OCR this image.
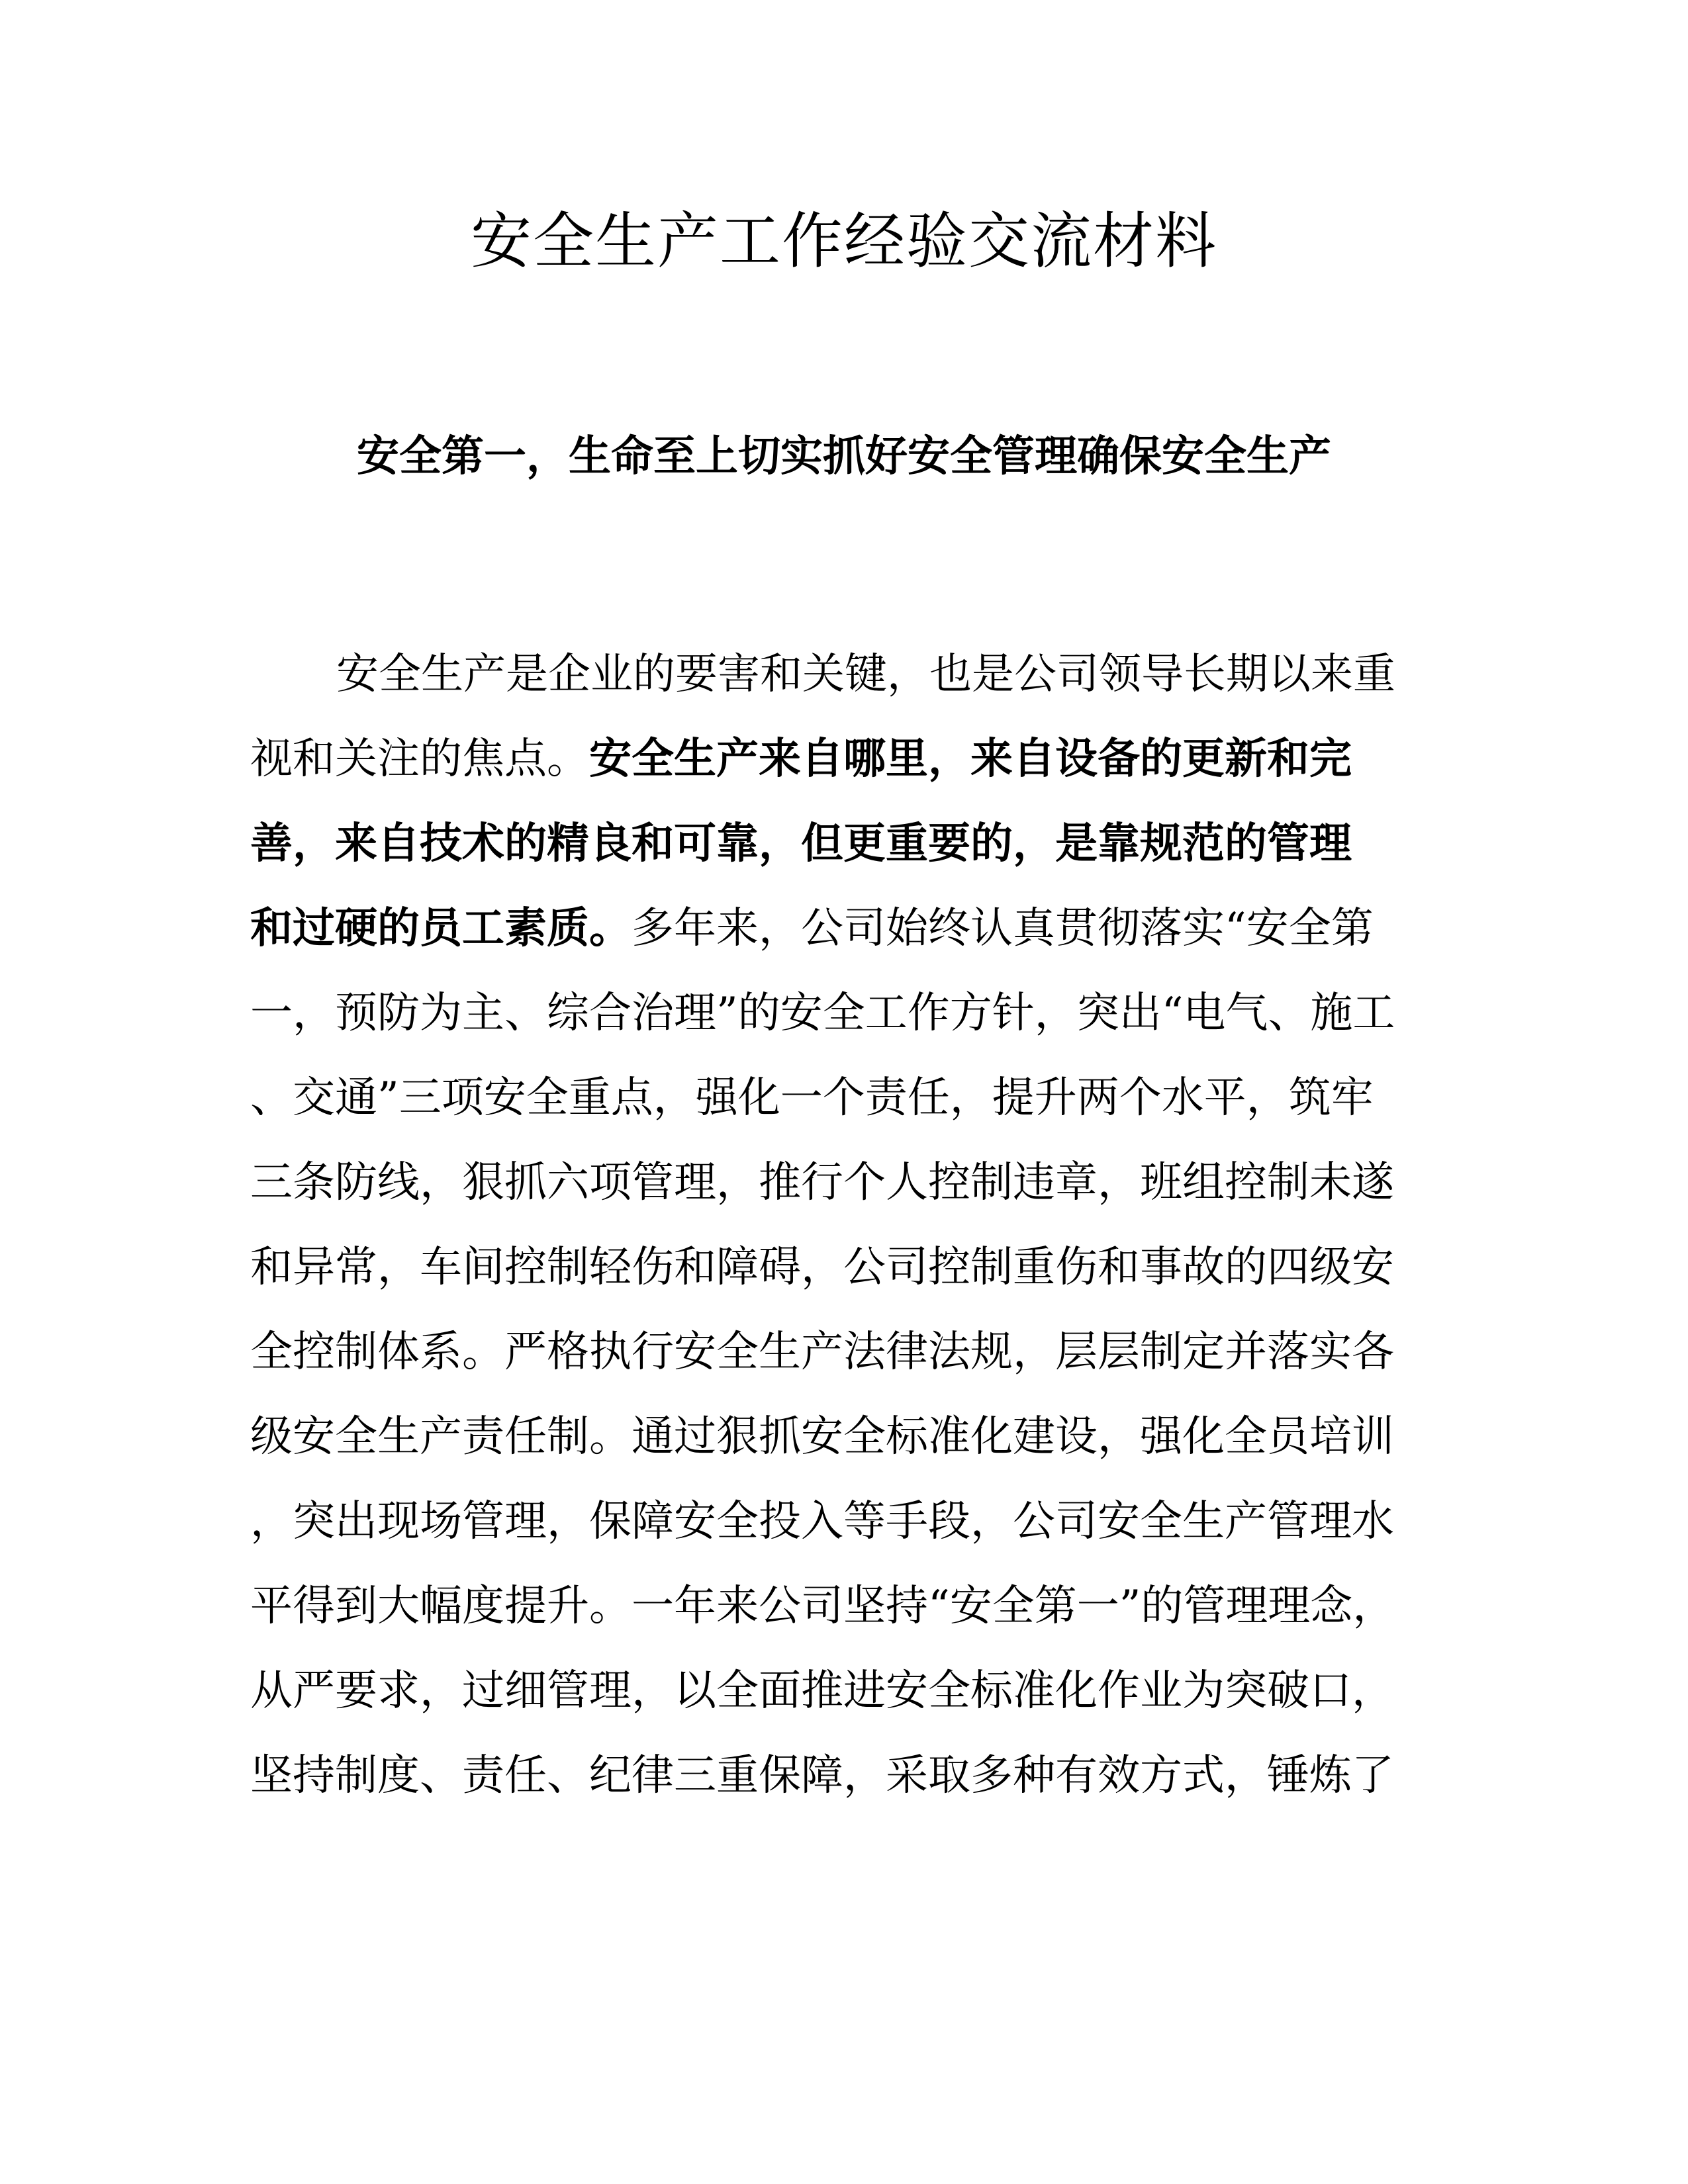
安全生产工作经验交流材料
安全第一，生命至上切实抓好安全管理确保安全生产
安全生产是企业的要害和关键，也是公司领导长期以来重
视和关注的焦点。安全生产来自哪里，来自设备的更新和完
善，来自技术的精良和可靠，但更重要的，是靠规范的管理
和过硬的员工素质。多年来，公司始终认真贯彻落实“安全第
一，预防为主、综合治理”的安全工作方针，突出“电气、施工
、交通”三项安全重点，强化一个责任，提升两个水平，筑牢
三条防线，狠抓六项管理，推行个人控制违章，班组控制未遂
和异常，车间控制轻伤和障碍，公司控制重伤和事故的四级安
全控制体系。严格执行安全生产法律法规，层层制定并落实各
级安全生产责任制。通过狠抓安全标准化建设，强化全员培训
，突出现场管理，保障安全投入等手段，公司安全生产管理水
平得到大幅度提升。一年来公司坚持“安全第一”的管理理念，
从严要求，过细管理，以全面推进安全标准化作业为突破口，
坚持制度、责任、纪律三重保障，采取多种有效方式，锤炼了
